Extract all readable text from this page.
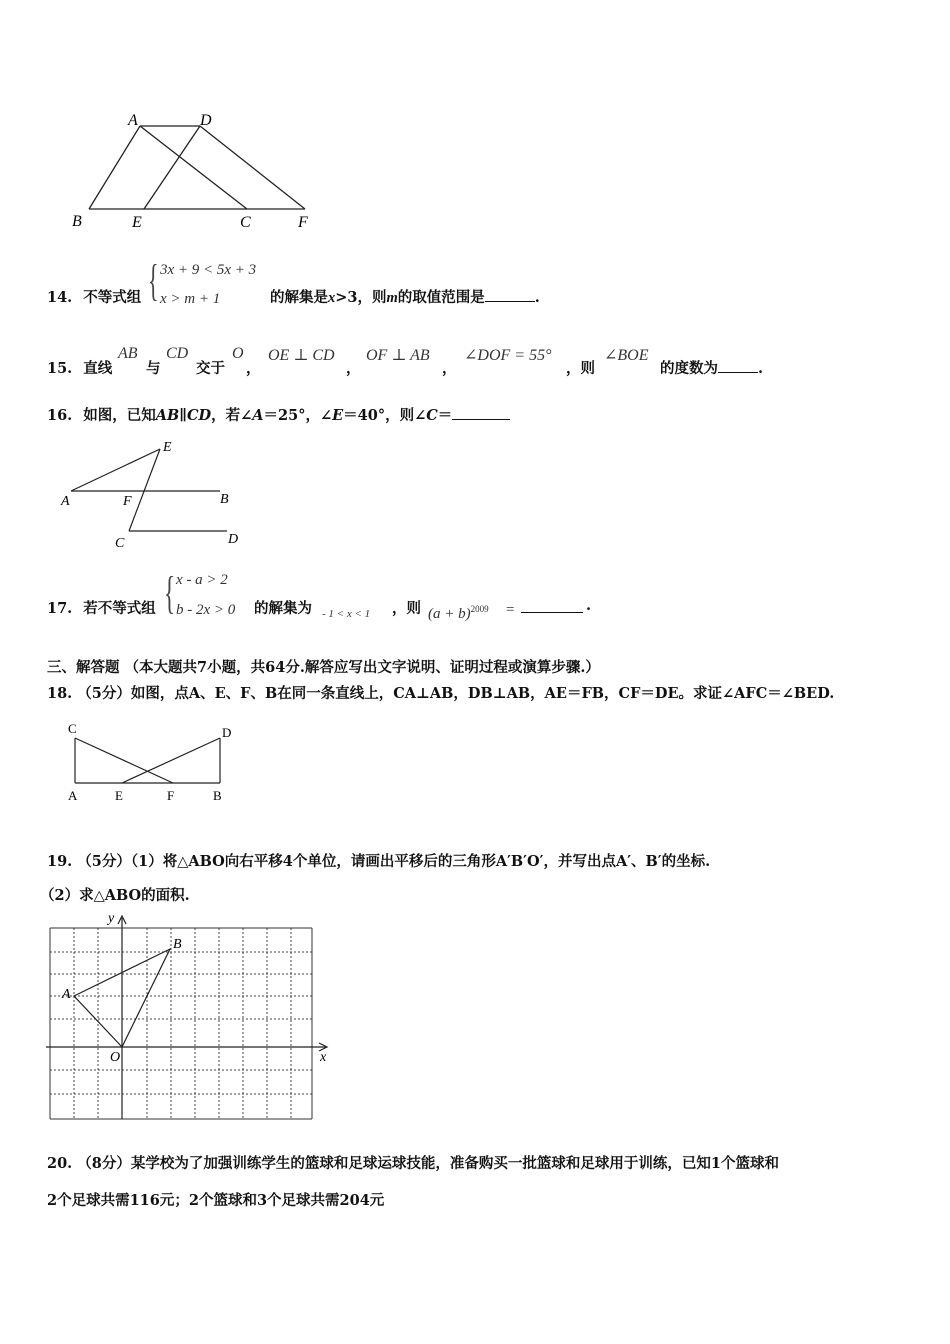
A	D
B	E	C	F
14. 不等式组 { 3x + 9 < 5x + 3
x > m + 1	的解集是x>3，则m的取值范围是	.
15. 直线
AB
与
CD
交于
O
，
OE ⊥ CD
，
OF ⊥ AB
，
∠DOF = 55°
，则
∠BOE
的度数为	.
16. 如图，已知AB∥CD，若∠A＝25°，∠E＝40°，则∠C＝
E
A	F	B
C	D
17. 若不等式组 { x - a > 2
b - 2x > 0 的解集为 - 1 < x < 1 ，则 $(a + b)^{2009}$ =	.
三、解答题 （本大题共7小题，共64分.解答应写出文字说明、证明过程或演算步骤.）
18. （5分）如图，点A、E、F、B在同一条直线上，CA⊥AB，DB⊥AB，AE＝FB，CF＝DE。求证∠AFC＝∠BED.
C	D
A	E	F	B
19. （5分）（1）将△ABO向右平移4个单位，请画出平移后的三角形A′B′O′，并写出点A′、B′的坐标.
（2）求△ABO的面积.
y
x
A
B
O
20. （8分）某学校为了加强训练学生的篮球和足球运球技能，准备购买一批篮球和足球用于训练，已知1个篮球和
2个足球共需116元；2个篮球和3个足球共需204元
